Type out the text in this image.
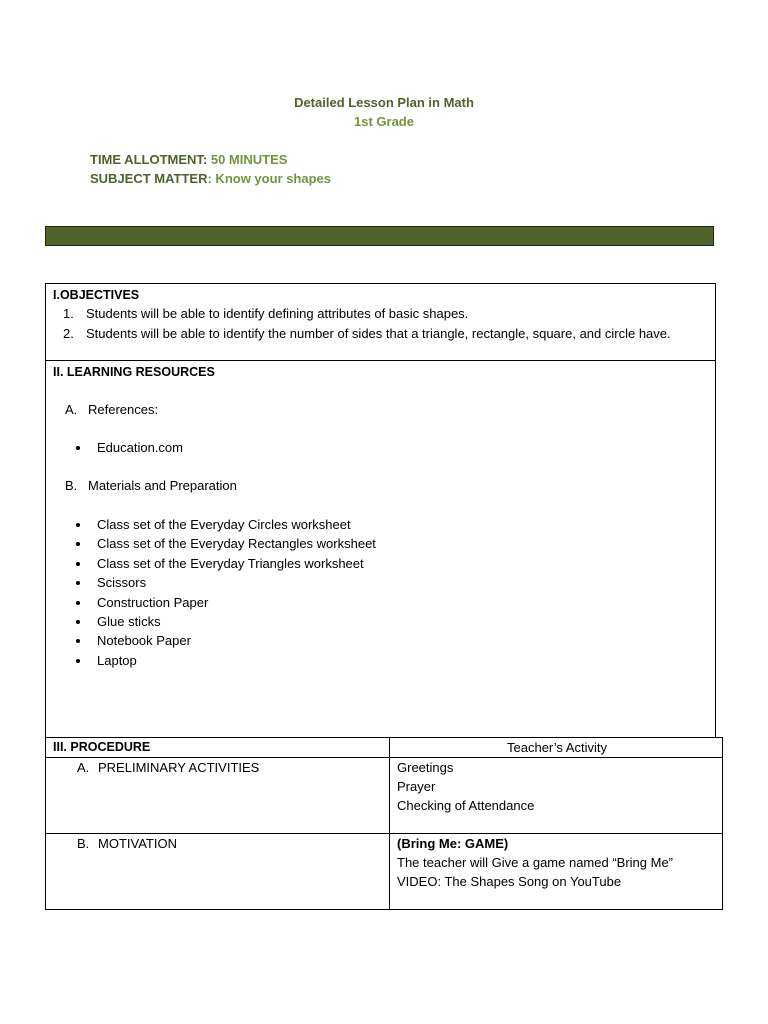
Detailed Lesson Plan in Math
1st Grade
TIME ALLOTMENT: 50 MINUTES
SUBJECT MATTER: Know your shapes
I.OBJECTIVES
1. Students will be able to identify defining attributes of basic shapes.
2. Students will be able to identify the number of sides that a triangle, rectangle, square, and circle have.
II. LEARNING RESOURCES
A. References:
Education.com
B. Materials and Preparation
Class set of the Everyday Circles worksheet
Class set of the Everyday Rectangles worksheet
Class set of the Everyday Triangles worksheet
Scissors
Construction Paper
Glue sticks
Notebook Paper
Laptop
III. PROCEDURE	Teacher’s Activity
A. PRELIMINARY ACTIVITIES	Greetings
Prayer
Checking of Attendance
B. MOTIVATION	(Bring Me: GAME)
The teacher will Give a game named “Bring Me”
VIDEO: The Shapes Song on YouTube
